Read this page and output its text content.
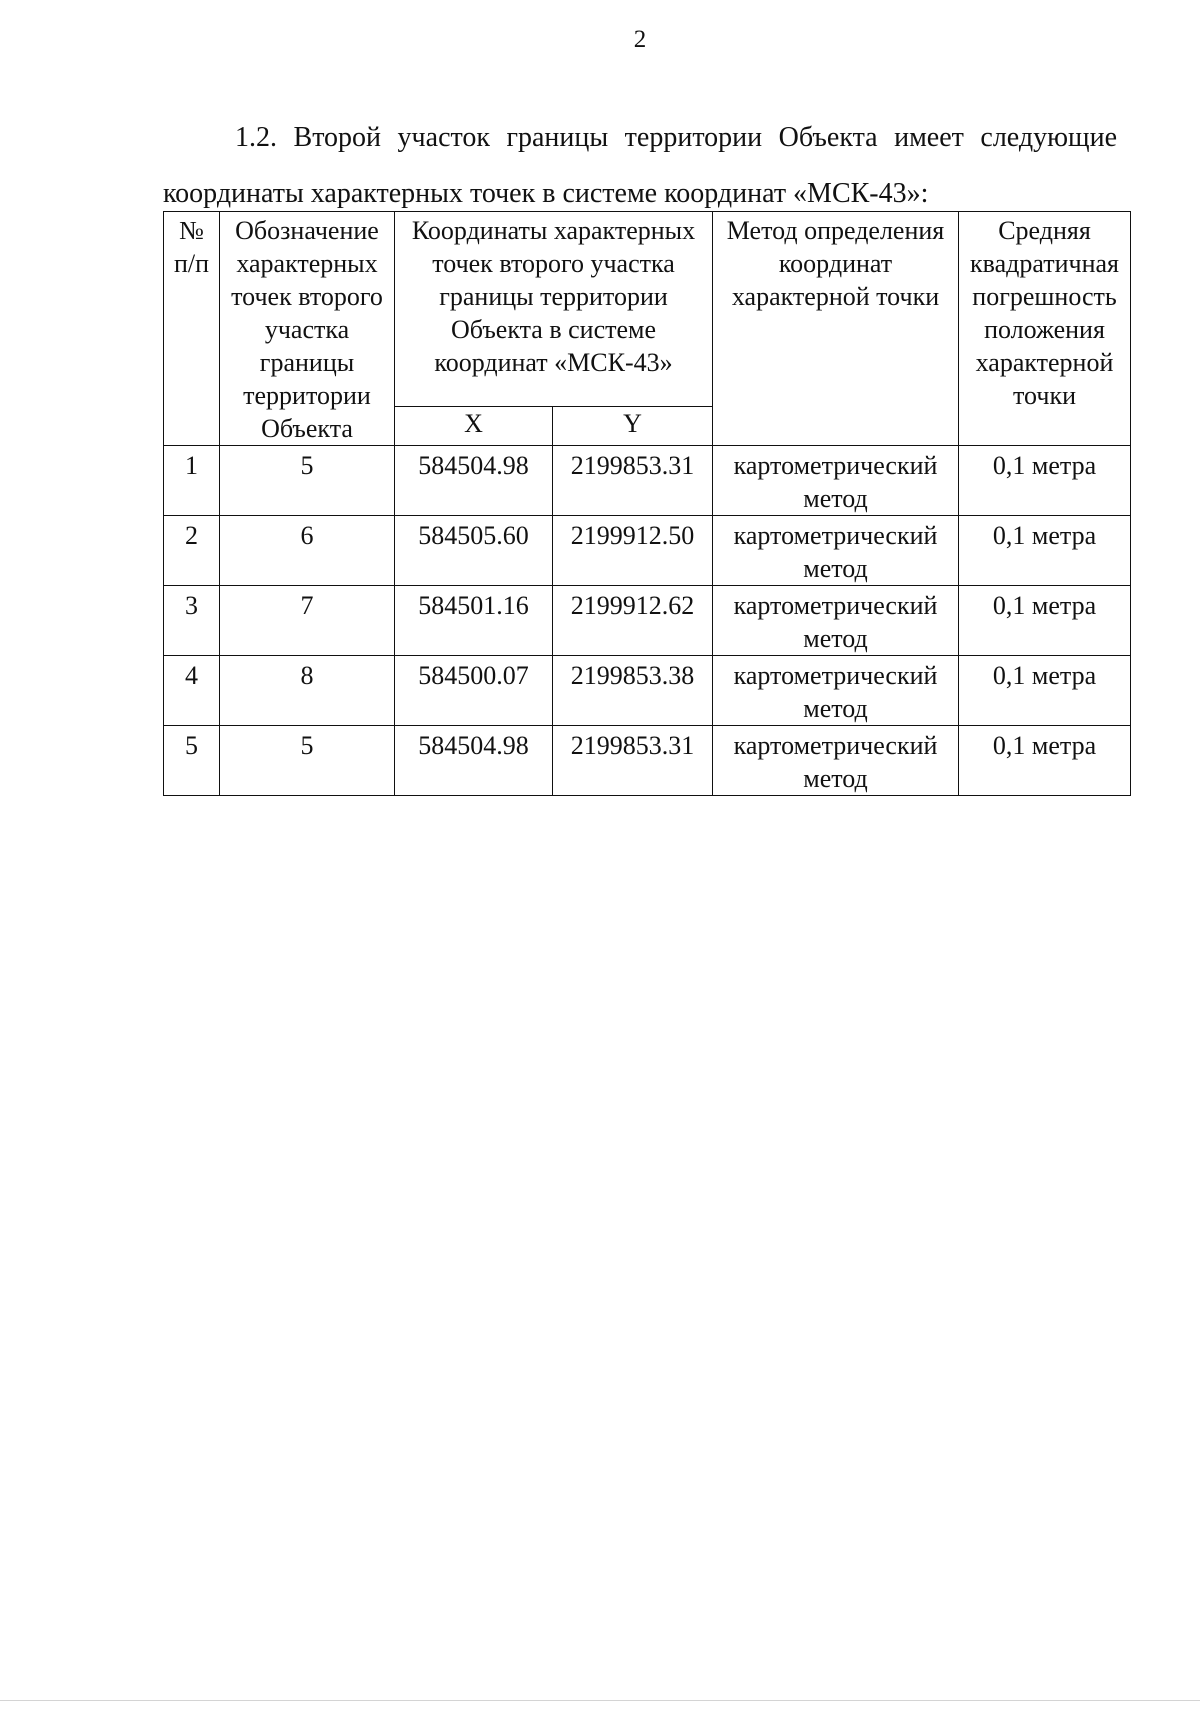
2
1.2. Второй участок границы территории Объекта имеет следующие
координаты характерных точек в системе координат «МСК-43»:
№ п/п	Обозначение характерных точек второго участка границы территории Объекта	Координаты характерных точек второго участка границы территории Объекта в системе координат «МСК-43»		Метод определения координат характерной точки	Средняя квадратичная погрешность положения характерной точки
		X	Y		
1	5	584504.98	2199853.31	картометрический метод	0,1 метра
2	6	584505.60	2199912.50	картометрический метод	0,1 метра
3	7	584501.16	2199912.62	картометрический метод	0,1 метра
4	8	584500.07	2199853.38	картометрический метод	0,1 метра
5	5	584504.98	2199853.31	картометрический метод	0,1 метра
